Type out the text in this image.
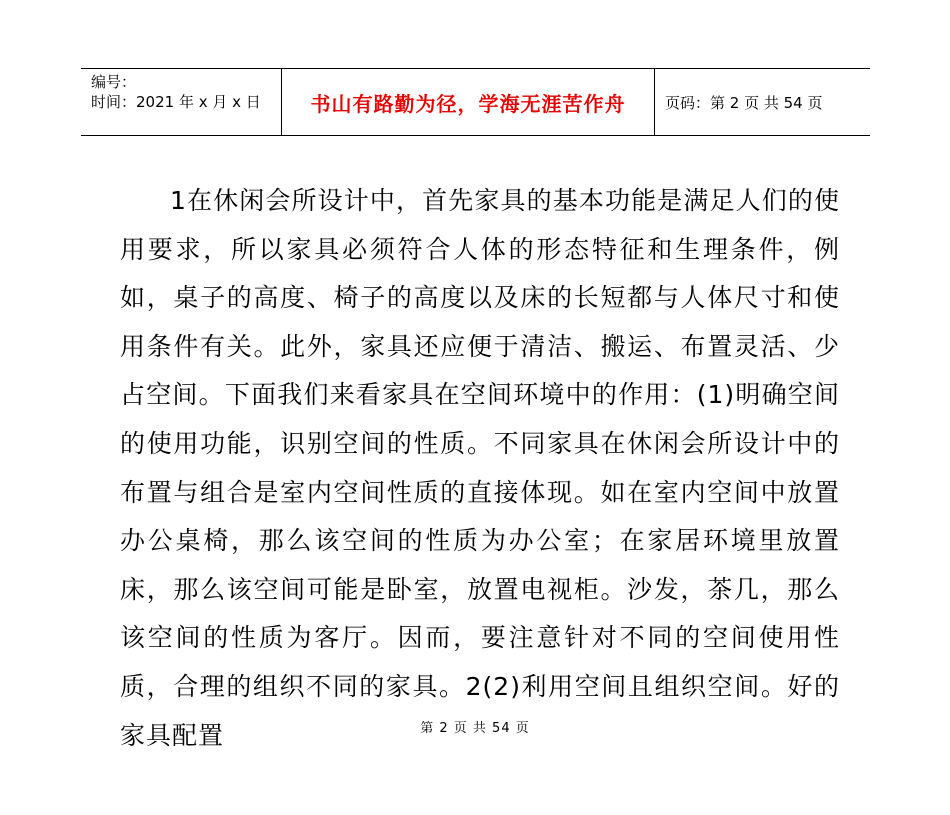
编号：
时间：2021 年 x 月 x 日	书山有路勤为径，学海无涯苦作舟	页码：第 2 页 共 54 页
1在休闲会所设计中，首先家具的基本功能是满足人们的使用要求，所以家具必须符合人体的形态特征和生理条件，例如，桌子的高度、椅子的高度以及床的长短都与人体尺寸和使用条件有关。此外，家具还应便于清洁、搬运、布置灵活、少占空间。下面我们来看家具在空间环境中的作用：(1)明确空间的使用功能，识别空间的性质。不同家具在休闲会所设计中的布置与组合是室内空间性质的直接体现。如在室内空间中放置办公桌椅，那么该空间的性质为办公室；在家居环境里放置床，那么该空间可能是卧室，放置电视柜。沙发，茶几，那么该空间的性质为客厅。因而，要注意针对不同的空间使用性质，合理的组织不同的家具。2(2)利用空间且组织空间。好的家具配置	第 2 页 共 54 页
